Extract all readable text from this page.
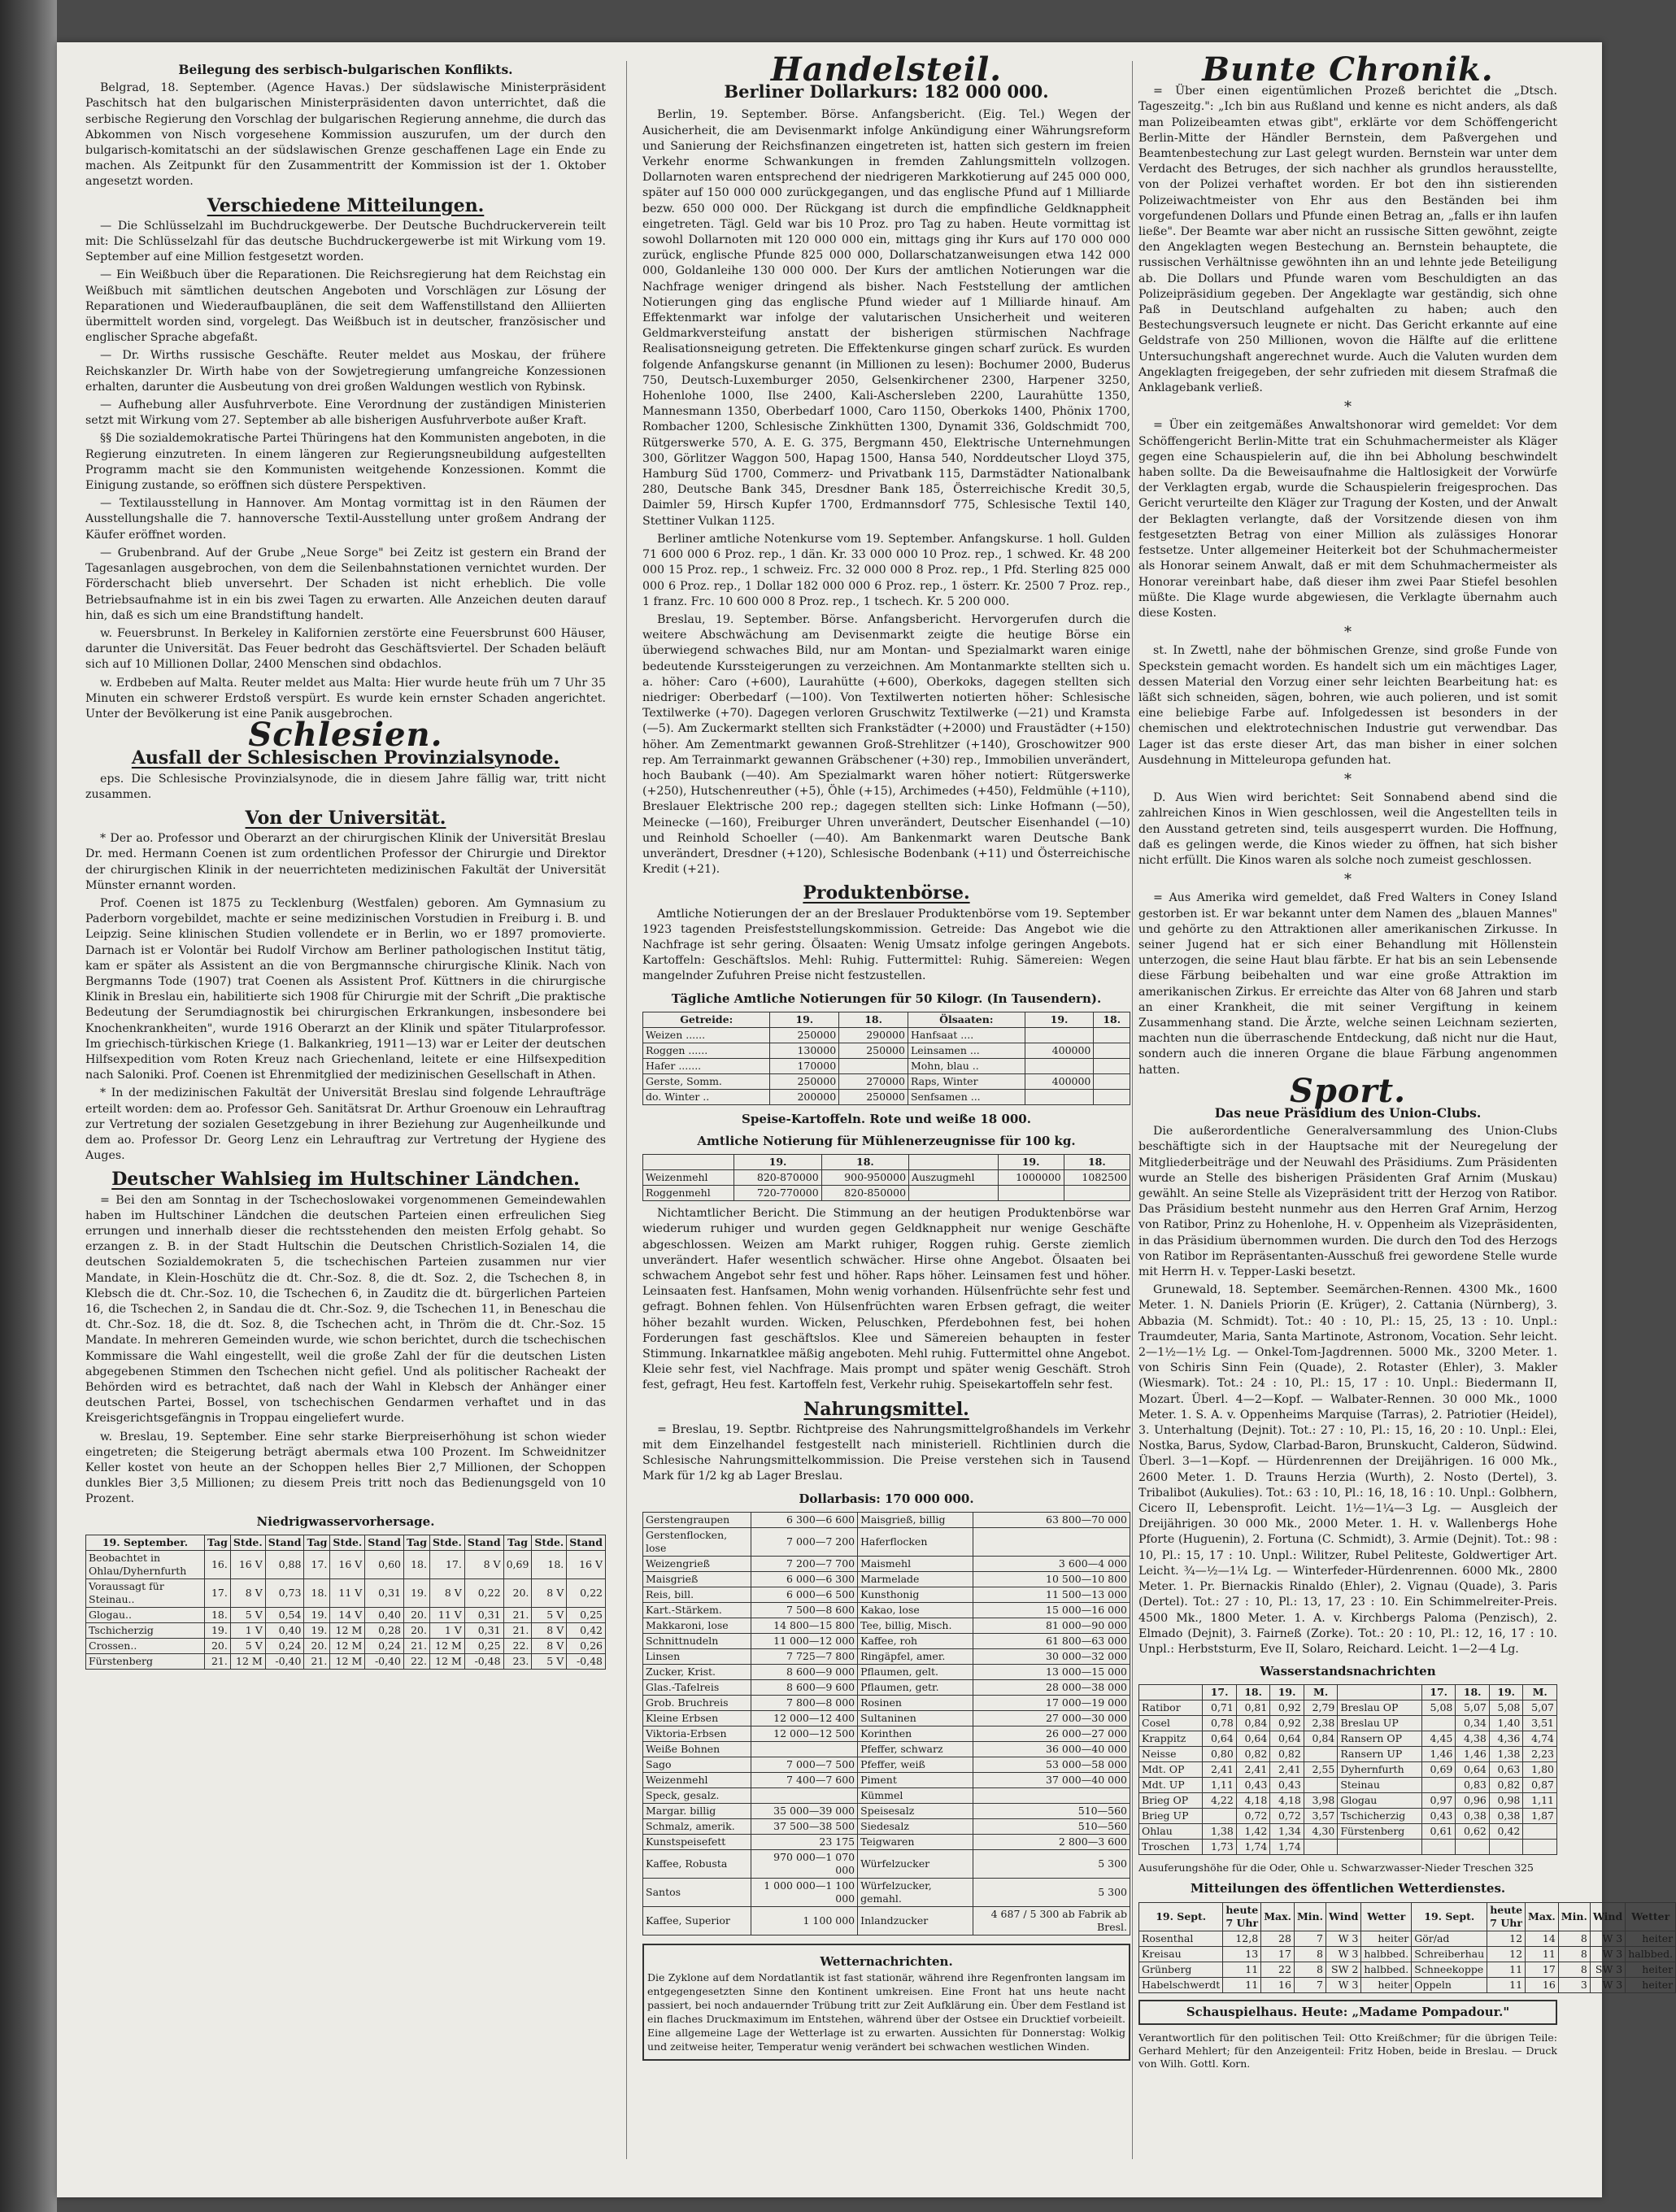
Beilegung des serbisch-bulgarischen Konflikts.

Belgrad, 18. September. (Agence Havas.) Der südslawische Ministerpräsident Paschitsch hat den bulgarischen Ministerpräsidenten davon unterrichtet, daß die serbische Regierung den Vorschlag der bulgarischen Regierung annehme, die durch das Abkommen von Nisch vorgesehene Kommission auszurufen, um der durch den bulgarisch-komitatschi an der südslawischen Grenze geschaffenen Lage ein Ende zu machen. Als Zeitpunkt für den Zusammentritt der Kommission ist der 1. Oktober angesetzt worden.

Verschiedene Mitteilungen.

— Die Schlüsselzahl im Buchdruckgewerbe. Der Deutsche Buchdruckerverein teilt mit: Die Schlüsselzahl für das deutsche Buchdruckergewerbe ist mit Wirkung vom 19. September auf eine Million festgesetzt worden.

— Ein Weißbuch über die Reparationen. Die Reichsregierung hat dem Reichstag ein Weißbuch mit sämtlichen deutschen Angeboten und Vorschlägen zur Lösung der Reparationen und Wiederaufbauplänen, die seit dem Waffenstillstand den Alliierten übermittelt worden sind, vorgelegt. Das Weißbuch ist in deutscher, französischer und englischer Sprache abgefaßt.

— Dr. Wirths russische Geschäfte. Reuter meldet aus Moskau, der frühere Reichskanzler Dr. Wirth habe von der Sowjetregierung umfangreiche Konzessionen erhalten, darunter die Ausbeutung von drei großen Waldungen westlich von Rybinsk.

— Aufhebung aller Ausfuhrverbote. Eine Verordnung der zuständigen Ministerien setzt mit Wirkung vom 27. September ab alle bisherigen Ausfuhrverbote außer Kraft.

§§ Die sozialdemokratische Partei Thüringens hat den Kommunisten angeboten, in die Regierung einzutreten. In einem längeren zur Regierungsneubildung aufgestellten Programm macht sie den Kommunisten weitgehende Konzessionen. Kommt die Einigung zustande, so eröffnen sich düstere Perspektiven.

— Textilausstellung in Hannover. Am Montag vormittag ist in den Räumen der Ausstellungshalle die 7. hannoversche Textil-Ausstellung unter großem Andrang der Käufer eröffnet worden.

— Grubenbrand. Auf der Grube „Neue Sorge" bei Zeitz ist gestern ein Brand der Tagesanlagen ausgebrochen, von dem die Seilenbahnstationen vernichtet wurden. Der Förderschacht blieb unversehrt. Der Schaden ist nicht erheblich. Die volle Betriebsaufnahme ist in ein bis zwei Tagen zu erwarten. Alle Anzeichen deuten darauf hin, daß es sich um eine Brandstiftung handelt.

w. Feuersbrunst. In Berkeley in Kalifornien zerstörte eine Feuersbrunst 600 Häuser, darunter die Universität. Das Feuer bedroht das Geschäftsviertel. Der Schaden beläuft sich auf 10 Millionen Dollar, 2400 Menschen sind obdachlos.

w. Erdbeben auf Malta. Reuter meldet aus Malta: Hier wurde heute früh um 7 Uhr 35 Minuten ein schwerer Erdstoß verspürt. Es wurde kein ernster Schaden angerichtet. Unter der Bevölkerung ist eine Panik ausgebrochen.

Schlesien.
Ausfall der Schlesischen Provinzialsynode.

eps. Die Schlesische Provinzialsynode, die in diesem Jahre fällig war, tritt nicht zusammen.

Von der Universität.

* Der ao. Professor und Oberarzt an der chirurgischen Klinik der Universität Breslau Dr. med. Hermann Coenen ist zum ordentlichen Professor der Chirurgie und Direktor der chirurgischen Klinik in der neuerrichteten medizinischen Fakultät der Universität Münster ernannt worden.

Prof. Coenen ist 1875 zu Tecklenburg (Westfalen) geboren. Am Gymnasium zu Paderborn vorgebildet, machte er seine medizinischen Vorstudien in Freiburg i. B. und Leipzig. Seine klinischen Studien vollendete er in Berlin, wo er 1897 promovierte. Darnach ist er Volontär bei Rudolf Virchow am Berliner pathologischen Institut tätig, kam er später als Assistent an die von Bergmannsche chirurgische Klinik. Nach von Bergmanns Tode (1907) trat Coenen als Assistent Prof. Küttners in die chirurgische Klinik in Breslau ein, habilitierte sich 1908 für Chirurgie mit der Schrift „Die praktische Bedeutung der Serumdiagnostik bei chirurgischen Erkrankungen, insbesondere bei Knochenkrankheiten", wurde 1916 Oberarzt an der Klinik und später Titularprofessor. Im griechisch-türkischen Kriege (1. Balkankrieg, 1911—13) war er Leiter der deutschen Hilfsexpedition vom Roten Kreuz nach Griechenland, leitete er eine Hilfsexpedition nach Saloniki. Prof. Coenen ist Ehrenmitglied der medizinischen Gesellschaft in Athen.

* In der medizinischen Fakultät der Universität Breslau sind folgende Lehraufträge erteilt worden: dem ao. Professor Geh. Sanitätsrat Dr. Arthur Groenouw ein Lehrauftrag zur Vertretung der sozialen Gesetzgebung in ihrer Beziehung zur Augenheilkunde und dem ao. Professor Dr. Georg Lenz ein Lehrauftrag zur Vertretung der Hygiene des Auges.

Deutscher Wahlsieg im Hultschiner Ländchen.

= Bei den am Sonntag in der Tschechoslowakei vorgenommenen Gemeindewahlen haben im Hultschiner Ländchen die deutschen Parteien einen erfreulichen Sieg errungen und innerhalb dieser die rechtsstehenden den meisten Erfolg gehabt. So erzangen z. B. in der Stadt Hultschin die Deutschen Christlich-Sozialen 14, die deutschen Sozialdemokraten 5, die tschechischen Parteien zusammen nur vier Mandate, in Klein-Hoschütz die dt. Chr.-Soz. 8, die dt. Soz. 2, die Tschechen 8, in Klebsch die dt. Chr.-Soz. 10, die Tschechen 6, in Zauditz die dt. bürgerlichen Parteien 16, die Tschechen 2, in Sandau die dt. Chr.-Soz. 9, die Tschechen 11, in Beneschau die dt. Chr.-Soz. 18, die dt. Soz. 8, die Tschechen acht, in Thröm die dt. Chr.-Soz. 15 Mandate. In mehreren Gemeinden wurde, wie schon berichtet, durch die tschechischen Kommissare die Wahl eingestellt, weil die große Zahl der für die deutschen Listen abgegebenen Stimmen den Tschechen nicht gefiel. Und als politischer Racheakt der Behörden wird es betrachtet, daß nach der Wahl in Klebsch der Anhänger einer deutschen Partei, Bossel, von tschechischen Gendarmen verhaftet und in das Kreisgerichtsgefängnis in Troppau eingeliefert wurde.

w. Breslau, 19. September. Eine sehr starke Bierpreiserhöhung ist schon wieder eingetreten; die Steigerung beträgt abermals etwa 100 Prozent. Im Schweidnitzer Keller kostet von heute an der Schoppen helles Bier 2,7 Millionen, der Schoppen dunkles Bier 3,5 Millionen; zu diesem Preis tritt noch das Bedienungsgeld von 10 Prozent.

Niedrigwasservorhersage.
19. September.	Tag	Stde.	Stand	Tag	Stde.	Stand	Tag	Stde.	Stand	Tag	Stde.	Stand
Beobachtet in Ohlau/Dyhernfurth	16.	16 V	0,88	17.	16 V	0,60	18.	17.	8 V	0,69	18.	16 V
Voraussagt für Steinau..	17.	8 V	0,73	18.	11 V	0,31	19.	8 V	0,22	20.	8 V	0,22
Glogau..	18.	5 V	0,54	19.	14 V	0,40	20.	11 V	0,31	21.	5 V	0,25
Tschicherzig	19.	1 V	0,40	19.	12 M	0,28	20.	1 V	0,31	21.	8 V	0,42
Crossen..	20.	5 V	0,24	20.	12 M	0,24	21.	12 M	0,25	22.	8 V	0,26
Fürstenberg	21.	12 M	-0,40	21.	12 M	-0,40	22.	12 M	-0,48	23.	5 V	-0,48
Handelsteil.
Berliner Dollarkurs: 182 000 000.

Berlin, 19. September. Börse. Anfangsbericht. (Eig. Tel.) Wegen der Ausicherheit, die am Devisenmarkt infolge Ankündigung einer Währungsreform und Sanierung der Reichsfinanzen eingetreten ist, hatten sich gestern im freien Verkehr enorme Schwankungen in fremden Zahlungsmitteln vollzogen. Dollarnoten waren entsprechend der niedrigeren Markkotierung auf 245 000 000, später auf 150 000 000 zurückgegangen, und das englische Pfund auf 1 Milliarde bezw. 650 000 000. Der Rückgang ist durch die empfindliche Geldknappheit eingetreten. Tägl. Geld war bis 10 Proz. pro Tag zu haben. Heute vormittag ist sowohl Dollarnoten mit 120 000 000 ein, mittags ging ihr Kurs auf 170 000 000 zurück, englische Pfunde 825 000 000, Dollarschatzanweisungen etwa 142 000 000, Goldanleihe 130 000 000. Der Kurs der amtlichen Notierungen war die Nachfrage weniger dringend als bisher. Nach Feststellung der amtlichen Notierungen ging das englische Pfund wieder auf 1 Milliarde hinauf. Am Effektenmarkt war infolge der valutarischen Unsicherheit und weiteren Geldmarkversteifung anstatt der bisherigen stürmischen Nachfrage Realisationsneigung getreten. Die Effektenkurse gingen scharf zurück. Es wurden folgende Anfangskurse genannt (in Millionen zu lesen): Bochumer 2000, Buderus 750, Deutsch-Luxemburger 2050, Gelsenkirchener 2300, Harpener 3250, Hohenlohe 1000, Ilse 2400, Kali-Aschersleben 2200, Laurahütte 1350, Mannesmann 1350, Oberbedarf 1000, Caro 1150, Oberkoks 1400, Phönix 1700, Rombacher 1200, Schlesische Zinkhütten 1300, Dynamit 336, Goldschmidt 700, Rütgerswerke 570, A. E. G. 375, Bergmann 450, Elektrische Unternehmungen 300, Görlitzer Waggon 500, Hapag 1500, Hansa 540, Norddeutscher Lloyd 375, Hamburg Süd 1700, Commerz- und Privatbank 115, Darmstädter Nationalbank 280, Deutsche Bank 345, Dresdner Bank 185, Österreichische Kredit 30,5, Daimler 59, Hirsch Kupfer 1700, Erdmannsdorf 775, Schlesische Textil 140, Stettiner Vulkan 1125.

Berliner amtliche Notenkurse vom 19. September. Anfangskurse. 1 holl. Gulden 71 600 000 6 Proz. rep., 1 dän. Kr. 33 000 000 10 Proz. rep., 1 schwed. Kr. 48 200 000 15 Proz. rep., 1 schweiz. Frc. 32 000 000 8 Proz. rep., 1 Pfd. Sterling 825 000 000 6 Proz. rep., 1 Dollar 182 000 000 6 Proz. rep., 1 österr. Kr. 2500 7 Proz. rep., 1 franz. Frc. 10 600 000 8 Proz. rep., 1 tschech. Kr. 5 200 000.

Breslau, 19. September. Börse. Anfangsbericht. Hervorgerufen durch die weitere Abschwächung am Devisenmarkt zeigte die heutige Börse ein überwiegend schwaches Bild, nur am Montan- und Spezialmarkt waren einige bedeutende Kurssteigerungen zu verzeichnen. Am Montanmarkte stellten sich u. a. höher: Caro (+600), Laurahütte (+600), Oberkoks, dagegen stellten sich niedriger: Oberbedarf (—100). Von Textilwerten notierten höher: Schlesische Textilwerke (+70). Dagegen verloren Gruschwitz Textilwerke (—21) und Kramsta (—5). Am Zuckermarkt stellten sich Frankstädter (+2000) und Fraustädter (+150) höher. Am Zementmarkt gewannen Groß-Strehlitzer (+140), Groschowitzer 900 rep. Am Terrainmarkt gewannen Gräbschener (+30) rep., Immobilien unverändert, hoch Baubank (—40). Am Spezialmarkt waren höher notiert: Rütgerswerke (+250), Hutschenreuther (+5), Öhle (+15), Archimedes (+450), Feldmühle (+110), Breslauer Elektrische 200 rep.; dagegen stellten sich: Linke Hofmann (—50), Meinecke (—160), Freiburger Uhren unverändert, Deutscher Eisenhandel (—10) und Reinhold Schoeller (—40). Am Bankenmarkt waren Deutsche Bank unverändert, Dresdner (+120), Schlesische Bodenbank (+11) und Österreichische Kredit (+21).

Produktenbörse.

Amtliche Notierungen der an der Breslauer Produktenbörse vom 19. September 1923 tagenden Preisfeststellungskommission. Getreide: Das Angebot wie die Nachfrage ist sehr gering. Ölsaaten: Wenig Umsatz infolge geringen Angebots. Kartoffeln: Geschäftslos. Mehl: Ruhig. Futtermittel: Ruhig. Sämereien: Wegen mangelnder Zufuhren Preise nicht festzustellen.

Tägliche Amtliche Notierungen für 50 Kilogr. (In Tausendern).
Getreide:	19.	18.	Ölsaaten:	19.	18.
Weizen ......	250000	290000	Hanfsaat ....		
Roggen ......	130000	250000	Leinsamen ...	400000	
Hafer .......	170000		Mohn, blau ..		
Gerste, Somm.	250000	270000	Raps, Winter	400000	
do. Winter ..	200000	250000	Senfsamen ...		
Speise-Kartoffeln. Rote und weiße 18 000.
Amtliche Notierung für Mühlenerzeugnisse für 100 kg.
	19.	18.		19.	18.
Weizenmehl	820-870000	900-950000	Auszugmehl	1000000	1082500
Roggenmehl	720-770000	820-850000			

Nichtamtlicher Bericht. Die Stimmung an der heutigen Produktenbörse war wiederum ruhiger und wurden gegen Geldknappheit nur wenige Geschäfte abgeschlossen. Weizen am Markt ruhiger, Roggen ruhig. Gerste ziemlich unverändert. Hafer wesentlich schwächer. Hirse ohne Angebot. Ölsaaten bei schwachem Angebot sehr fest und höher. Raps höher. Leinsamen fest und höher. Leinsaaten fest. Hanfsamen, Mohn wenig vorhanden. Hülsenfrüchte sehr fest und gefragt. Bohnen fehlen. Von Hülsenfrüchten waren Erbsen gefragt, die weiter höher bezahlt wurden. Wicken, Peluschken, Pferdebohnen fest, bei hohen Forderungen fast geschäftslos. Klee und Sämereien behaupten in fester Stimmung. Inkarnatklee mäßig angeboten. Mehl ruhig. Futtermittel ohne Angebot. Kleie sehr fest, viel Nachfrage. Mais prompt und später wenig Geschäft. Stroh fest, gefragt, Heu fest. Kartoffeln fest, Verkehr ruhig. Speisekartoffeln sehr fest.

Nahrungsmittel.

= Breslau, 19. Septbr. Richtpreise des Nahrungsmittelgroßhandels im Verkehr mit dem Einzelhandel festgestellt nach ministeriell. Richtlinien durch die Schlesische Nahrungsmittelkommission. Die Preise verstehen sich in Tausend Mark für 1/2 kg ab Lager Breslau.

Dollarbasis: 170 000 000.
Gerstengraupen	6 300—6 600	Maisgrieß, billig	63 800—70 000
Gerstenflocken, lose	7 000—7 200	Haferflocken	
Weizengrieß	7 200—7 700	Maismehl	3 600—4 000
Maisgrieß	6 000—6 300	Marmelade	10 500—10 800
Reis, bill.	6 000—6 500	Kunsthonig	11 500—13 000
Kart.-Stärkem.	7 500—8 600	Kakao, lose	15 000—16 000
Makkaroni, lose	14 800—15 800	Tee, billig, Misch.	81 000—90 000
Schnittnudeln	11 000—12 000	Kaffee, roh	61 800—63 000
Linsen	7 725—7 800	Ringäpfel, amer.	30 000—32 000
Zucker, Krist.	8 600—9 000	Pflaumen, gelt.	13 000—15 000
Glas.-Tafelreis	8 600—9 600	Pflaumen, getr.	28 000—38 000
Grob. Bruchreis	7 800—8 000	Rosinen	17 000—19 000
Kleine Erbsen	12 000—12 400	Sultaninen	27 000—30 000
Viktoria-Erbsen	12 000—12 500	Korinthen	26 000—27 000
Weiße Bohnen		Pfeffer, schwarz	36 000—40 000
Sago	7 000—7 500	Pfeffer, weiß	53 000—58 000
Weizenmehl	7 400—7 600	Piment	37 000—40 000
Speck, gesalz.		Kümmel	
Margar. billig	35 000—39 000	Speisesalz	510—560
Schmalz, amerik.	37 500—38 500	Siedesalz	510—560
Kunstspeisefett	23 175	Teigwaren	2 800—3 600
Kaffee, Robusta	970 000—1 070 000	Würfelzucker	5 300
Santos	1 000 000—1 100 000	Würfelzucker, gemahl.	5 300
Kaffee, Superior	1 100 000	Inlandzucker	4 687 / 5 300 ab Fabrik ab Bresl.
Wetternachrichten.

Die Zyklone auf dem Nordatlantik ist fast stationär, während ihre Regenfronten langsam im entgegengesetzten Sinne den Kontinent umkreisen. Eine Front hat uns heute nacht passiert, bei noch andauernder Trübung tritt zur Zeit Aufklärung ein. Über dem Festland ist ein flaches Druckmaximum im Entstehen, während über der Ostsee ein Drucktief vorbeieilt. Eine allgemeine Lage der Wetterlage ist zu erwarten. Aussichten für Donnerstag: Wolkig und zeitweise heiter, Temperatur wenig verändert bei schwachen westlichen Winden.

Bunte Chronik.

= Über einen eigentümlichen Prozeß berichtet die „Dtsch. Tageszeitg.": „Ich bin aus Rußland und kenne es nicht anders, als daß man Polizeibeamten etwas gibt", erklärte vor dem Schöffengericht Berlin-Mitte der Händler Bernstein, dem Paßvergehen und Beamtenbestechung zur Last gelegt wurden. Bernstein war unter dem Verdacht des Betruges, der sich nachher als grundlos herausstellte, von der Polizei verhaftet worden. Er bot den ihn sistierenden Polizeiwachtmeister von Ehr aus den Beständen bei ihm vorgefundenen Dollars und Pfunde einen Betrag an, „falls er ihn laufen ließe". Der Beamte war aber nicht an russische Sitten gewöhnt, zeigte den Angeklagten wegen Bestechung an. Bernstein behauptete, die russischen Verhältnisse gewöhnten ihn an und lehnte jede Beteiligung ab. Die Dollars und Pfunde waren vom Beschuldigten an das Polizeipräsidium gegeben. Der Angeklagte war geständig, sich ohne Paß in Deutschland aufgehalten zu haben; auch den Bestechungsversuch leugnete er nicht. Das Gericht erkannte auf eine Geldstrafe von 250 Millionen, wovon die Hälfte auf die erlittene Untersuchungshaft angerechnet wurde. Auch die Valuten wurden dem Angeklagten freigegeben, der sehr zufrieden mit diesem Strafmaß die Anklagebank verließ.

*

= Über ein zeitgemäßes Anwaltshonorar wird gemeldet: Vor dem Schöffengericht Berlin-Mitte trat ein Schuhmachermeister als Kläger gegen eine Schauspielerin auf, die ihn bei Abholung beschwindelt haben sollte. Da die Beweisaufnahme die Haltlosigkeit der Vorwürfe der Verklagten ergab, wurde die Schauspielerin freigesprochen. Das Gericht verurteilte den Kläger zur Tragung der Kosten, und der Anwalt der Beklagten verlangte, daß der Vorsitzende diesen von ihm festgesetzten Betrag von einer Million als zulässiges Honorar festsetze. Unter allgemeiner Heiterkeit bot der Schuhmachermeister als Honorar seinem Anwalt, daß er mit dem Schuhmachermeister als Honorar vereinbart habe, daß dieser ihm zwei Paar Stiefel besohlen müßte. Die Klage wurde abgewiesen, die Verklagte übernahm auch diese Kosten.

*

st. In Zwettl, nahe der böhmischen Grenze, sind große Funde von Speckstein gemacht worden. Es handelt sich um ein mächtiges Lager, dessen Material den Vorzug einer sehr leichten Bearbeitung hat: es läßt sich schneiden, sägen, bohren, wie auch polieren, und ist somit eine beliebige Farbe auf. Infolgedessen ist besonders in der chemischen und elektrotechnischen Industrie gut verwendbar. Das Lager ist das erste dieser Art, das man bisher in einer solchen Ausdehnung in Mitteleuropa gefunden hat.

*

D. Aus Wien wird berichtet: Seit Sonnabend abend sind die zahlreichen Kinos in Wien geschlossen, weil die Angestellten teils in den Ausstand getreten sind, teils ausgesperrt wurden. Die Hoffnung, daß es gelingen werde, die Kinos wieder zu öffnen, hat sich bisher nicht erfüllt. Die Kinos waren als solche noch zumeist geschlossen.

*

= Aus Amerika wird gemeldet, daß Fred Walters in Coney Island gestorben ist. Er war bekannt unter dem Namen des „blauen Mannes" und gehörte zu den Attraktionen aller amerikanischen Zirkusse. In seiner Jugend hat er sich einer Behandlung mit Höllenstein unterzogen, die seine Haut blau färbte. Er hat bis an sein Lebensende diese Färbung beibehalten und war eine große Attraktion im amerikanischen Zirkus. Er erreichte das Alter von 68 Jahren und starb an einer Krankheit, die mit seiner Vergiftung in keinem Zusammenhang stand. Die Ärzte, welche seinen Leichnam sezierten, machten nun die überraschende Entdeckung, daß nicht nur die Haut, sondern auch die inneren Organe die blaue Färbung angenommen hatten.

Sport.
Das neue Präsidium des Union-Clubs.

Die außerordentliche Generalversammlung des Union-Clubs beschäftigte sich in der Hauptsache mit der Neuregelung der Mitgliederbeiträge und der Neuwahl des Präsidiums. Zum Präsidenten wurde an Stelle des bisherigen Präsidenten Graf Arnim (Muskau) gewählt. An seine Stelle als Vizepräsident tritt der Herzog von Ratibor. Das Präsidium besteht nunmehr aus den Herren Graf Arnim, Herzog von Ratibor, Prinz zu Hohenlohe, H. v. Oppenheim als Vizepräsidenten, in das Präsidium übernommen wurden. Die durch den Tod des Herzogs von Ratibor im Repräsentanten-Ausschuß frei gewordene Stelle wurde mit Herrn H. v. Tepper-Laski besetzt.

Grunewald, 18. September. Seemärchen-Rennen. 4300 Mk., 1600 Meter. 1. N. Daniels Priorin (E. Krüger), 2. Cattania (Nürnberg), 3. Abbazia (M. Schmidt). Tot.: 40 : 10, Pl.: 15, 25, 13 : 10. Unpl.: Traumdeuter, Maria, Santa Martinote, Astronom, Vocation. Sehr leicht. 2—1½—1½ Lg. — Onkel-Tom-Jagdrennen. 5000 Mk., 3200 Meter. 1. von Schiris Sinn Fein (Quade), 2. Rotaster (Ehler), 3. Makler (Wiesmark). Tot.: 24 : 10, Pl.: 15, 17 : 10. Unpl.: Biedermann II, Mozart. Überl. 4—2—Kopf. — Walbater-Rennen. 30 000 Mk., 1000 Meter. 1. S. A. v. Oppenheims Marquise (Tarras), 2. Patriotier (Heidel), 3. Unterhaltung (Dejnit). Tot.: 27 : 10, Pl.: 15, 16, 20 : 10. Unpl.: Elei, Nostka, Barus, Sydow, Clarbad-Baron, Brunskucht, Calderon, Südwind. Überl. 3—1—Kopf. — Hürdenrennen der Dreijährigen. 16 000 Mk., 2600 Meter. 1. D. Trauns Herzia (Wurth), 2. Nosto (Dertel), 3. Tribalibot (Aukulies). Tot.: 63 : 10, Pl.: 16, 18, 16 : 10. Unpl.: Golbhern, Cicero II, Lebensprofit. Leicht. 1½—1¼—3 Lg. — Ausgleich der Dreijährigen. 30 000 Mk., 2000 Meter. 1. H. v. Wallenbergs Hohe Pforte (Huguenin), 2. Fortuna (C. Schmidt), 3. Armie (Dejnit). Tot.: 98 : 10, Pl.: 15, 17 : 10. Unpl.: Wilitzer, Rubel Peliteste, Goldwertiger Art. Leicht. ¾—½—1¼ Lg. — Winterfeder-Hürdenrennen. 6000 Mk., 2800 Meter. 1. Pr. Biernackis Rinaldo (Ehler), 2. Vignau (Quade), 3. Paris (Dertel). Tot.: 27 : 10, Pl.: 13, 17, 23 : 10. Ein Schimmelreiter-Preis. 4500 Mk., 1800 Meter. 1. A. v. Kirchbergs Paloma (Penzisch), 2. Elmado (Dejnit), 3. Fairneß (Zorke). Tot.: 20 : 10, Pl.: 12, 16, 17 : 10. Unpl.: Herbststurm, Eve II, Solaro, Reichard. Leicht. 1—2—4 Lg.

Wasserstandsnachrichten
	17.	18.	19.	M.		17.	18.	19.	M.
Ratibor	0,71	0,81	0,92	2,79	Breslau OP	5,08	5,07	5,08	5,07
Cosel	0,78	0,84	0,92	2,38	Breslau UP		0,34	1,40	3,51
Krappitz	0,64	0,64	0,64	0,84	Ransern OP	4,45	4,38	4,36	4,74
Neisse	0,80	0,82	0,82		Ransern UP	1,46	1,46	1,38	2,23
Mdt. OP	2,41	2,41	2,41	2,55	Dyhernfurth	0,69	0,64	0,63	1,80
Mdt. UP	1,11	0,43	0,43		Steinau		0,83	0,82	0,87
Brieg OP	4,22	4,18	4,18	3,98	Glogau	0,97	0,96	0,98	1,11
Brieg UP		0,72	0,72	3,57	Tschicherzig	0,43	0,38	0,38	1,87
Ohlau	1,38	1,42	1,34	4,30	Fürstenberg	0,61	0,62	0,42	
Troschen	1,73	1,74	1,74						
Ausuferungshöhe für die Oder, Ohle u. Schwarzwasser-Nieder Treschen 325
Mitteilungen des öffentlichen Wetterdienstes.
19. Sept.	heute 7 Uhr	Max.	Min.	Wind	Wetter	19. Sept.	heute 7 Uhr	Max.	Min.	Wind	Wetter
Rosenthal	12,8	28	7	W 3	heiter	Gör/ad	12	14	8	W 3	heiter
Kreisau	13	17	8	W 3	halbbed.	Schreiberhau	12	11	8	W 3	halbbed.
Grünberg	11	22	8	SW 2	halbbed.	Schneekoppe	11	17	8	SW 3	heiter
Habelschwerdt	11	16	7	W 3	heiter	Oppeln	11	16	3	W 3	heiter
Schauspielhaus. Heute: „Madame Pompadour."

Verantwortlich für den politischen Teil: Otto Kreißchmer; für die übrigen Teile: Gerhard Mehlert; für den Anzeigenteil: Fritz Hoben, beide in Breslau. — Druck von Wilh. Gottl. Korn.
